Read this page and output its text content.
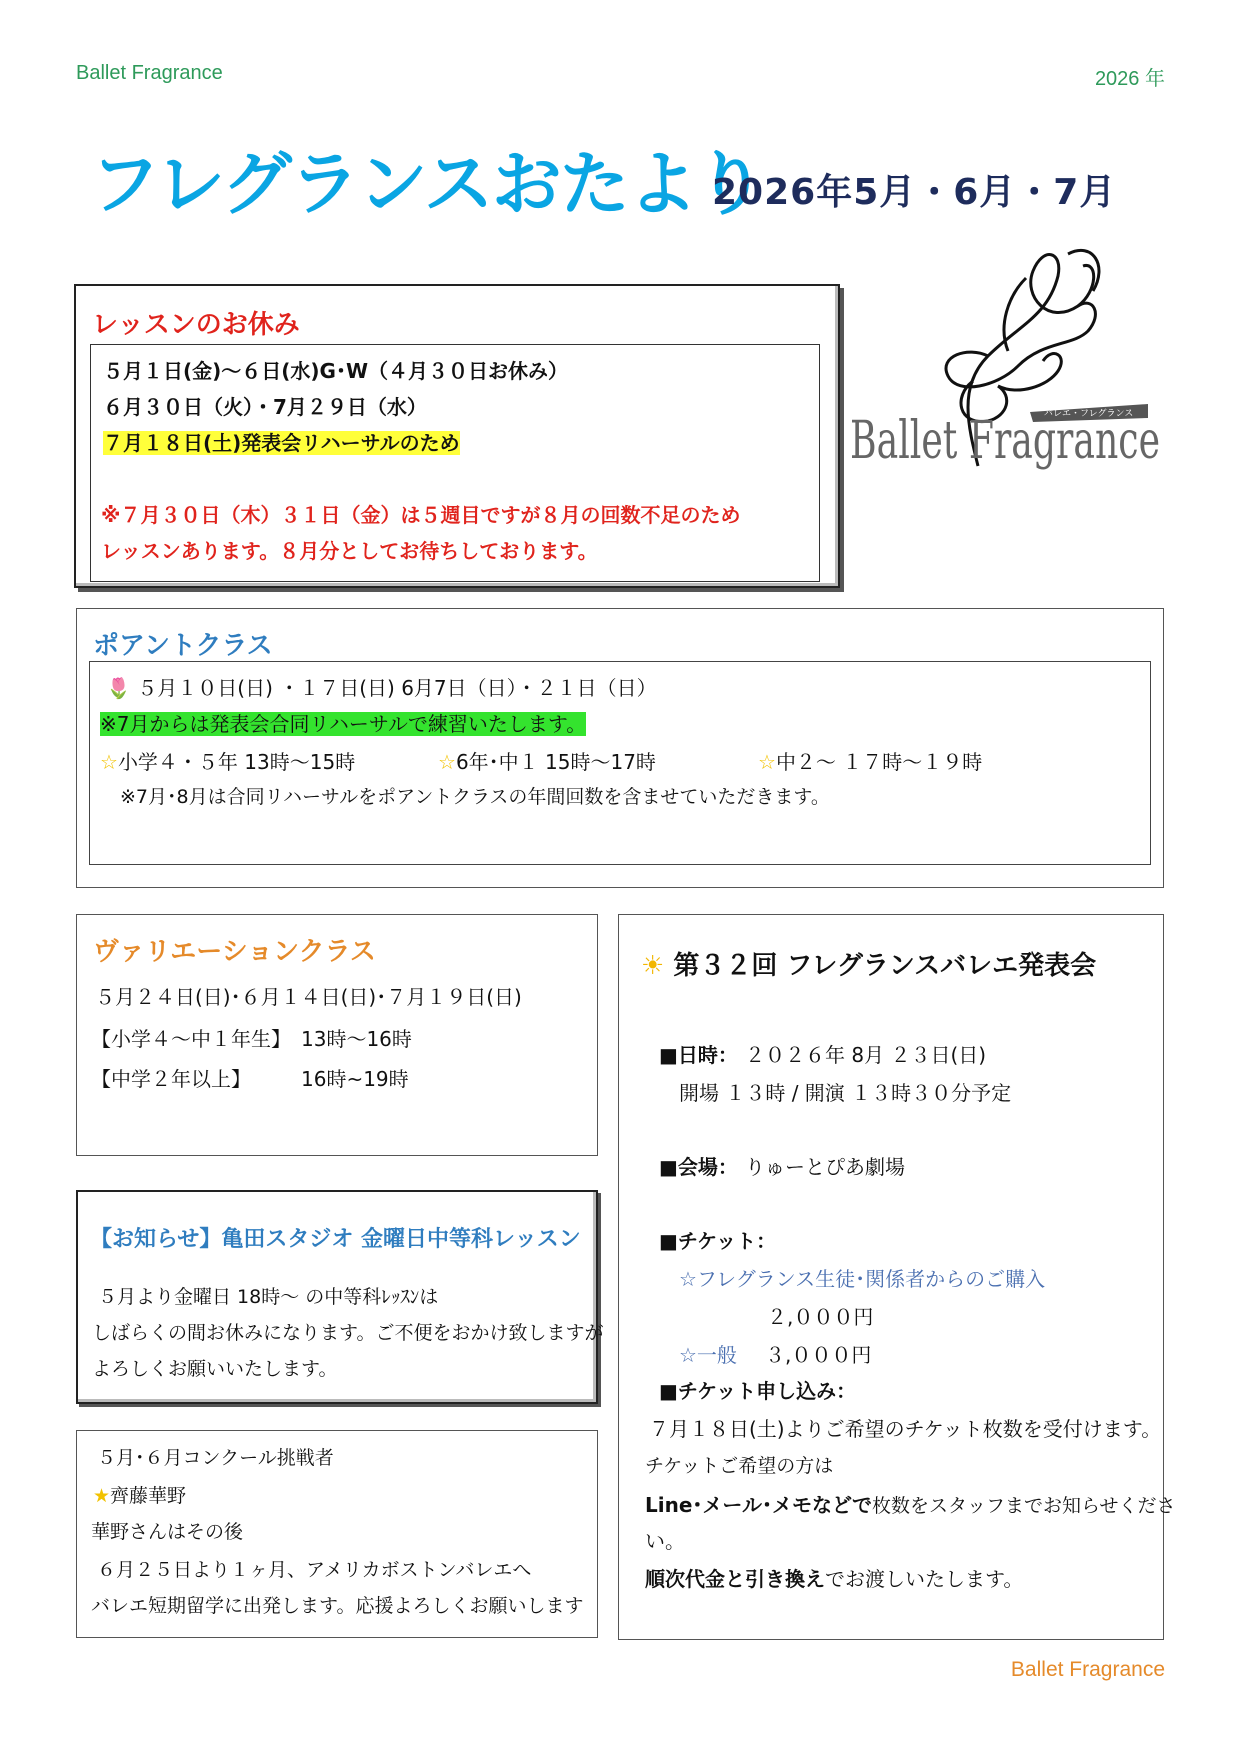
Ballet Fragrance	2026 年
フレグランスおたより
2026年5月・6月・7月
バレエ・フレグランス
Ballet Fragrance
レッスンのお休み
５月１日(金)～６日(水)G･W（４月３０日お休み）
６月３０日（火）・7月２９日（水）
７月１８日(土)発表会リハーサルのため
※７月３０日（木）３１日（金）は５週目ですが８月の回数不足のため
レッスンあります。８月分としてお待ちしております。
ポアントクラス
🌷 ５月１０日(日) ・１７日(日) 6月7日（日）・２１日（日）
※7月からは発表会合同リハーサルで練習いたします。
☆小学４・５年 13時～15時	☆6年･中１ 15時～17時	☆中２～ １７時～１９時
※7月･8月は合同リハーサルをポアントクラスの年間回数を含ませていただきます。
ヴァリエーションクラス
５月２４日(日)･６月１４日(日)･７月１９日(日)
【小学４～中１年生】 13時～16時
【中学２年以上】	16時~19時
【お知らせ】亀田スタジオ 金曜日中等科レッスン
５月より金曜日 18時～ の中等科ﾚｯｽﾝは
しばらくの間お休みになります。ご不便をおかけ致しますが
よろしくお願いいたします。
５月･６月コンクール挑戦者
★齊藤華野
華野さんはその後
６月２５日より１ヶ月、アメリカボストンバレエへ
バレエ短期留学に出発します。応援よろしくお願いします
☀ 第３２回 フレグランスバレエ発表会
■日時： ２０２６年 8月 ２３日(日)
開場 １３時 / 開演 １３時３０分予定
■会場： りゅーとぴあ劇場
■チケット：
☆フレグランス生徒･関係者からのご購入
２,０００円
☆一般 ３,０００円
■チケット申し込み：
７月１８日(土)よりご希望のチケット枚数を受付けます。
チケットご希望の方は
Line･メール･メモなどで枚数をスタッフまでお知らせくださ
い。
順次代金と引き換えでお渡しいたします。
Ballet Fragrance
